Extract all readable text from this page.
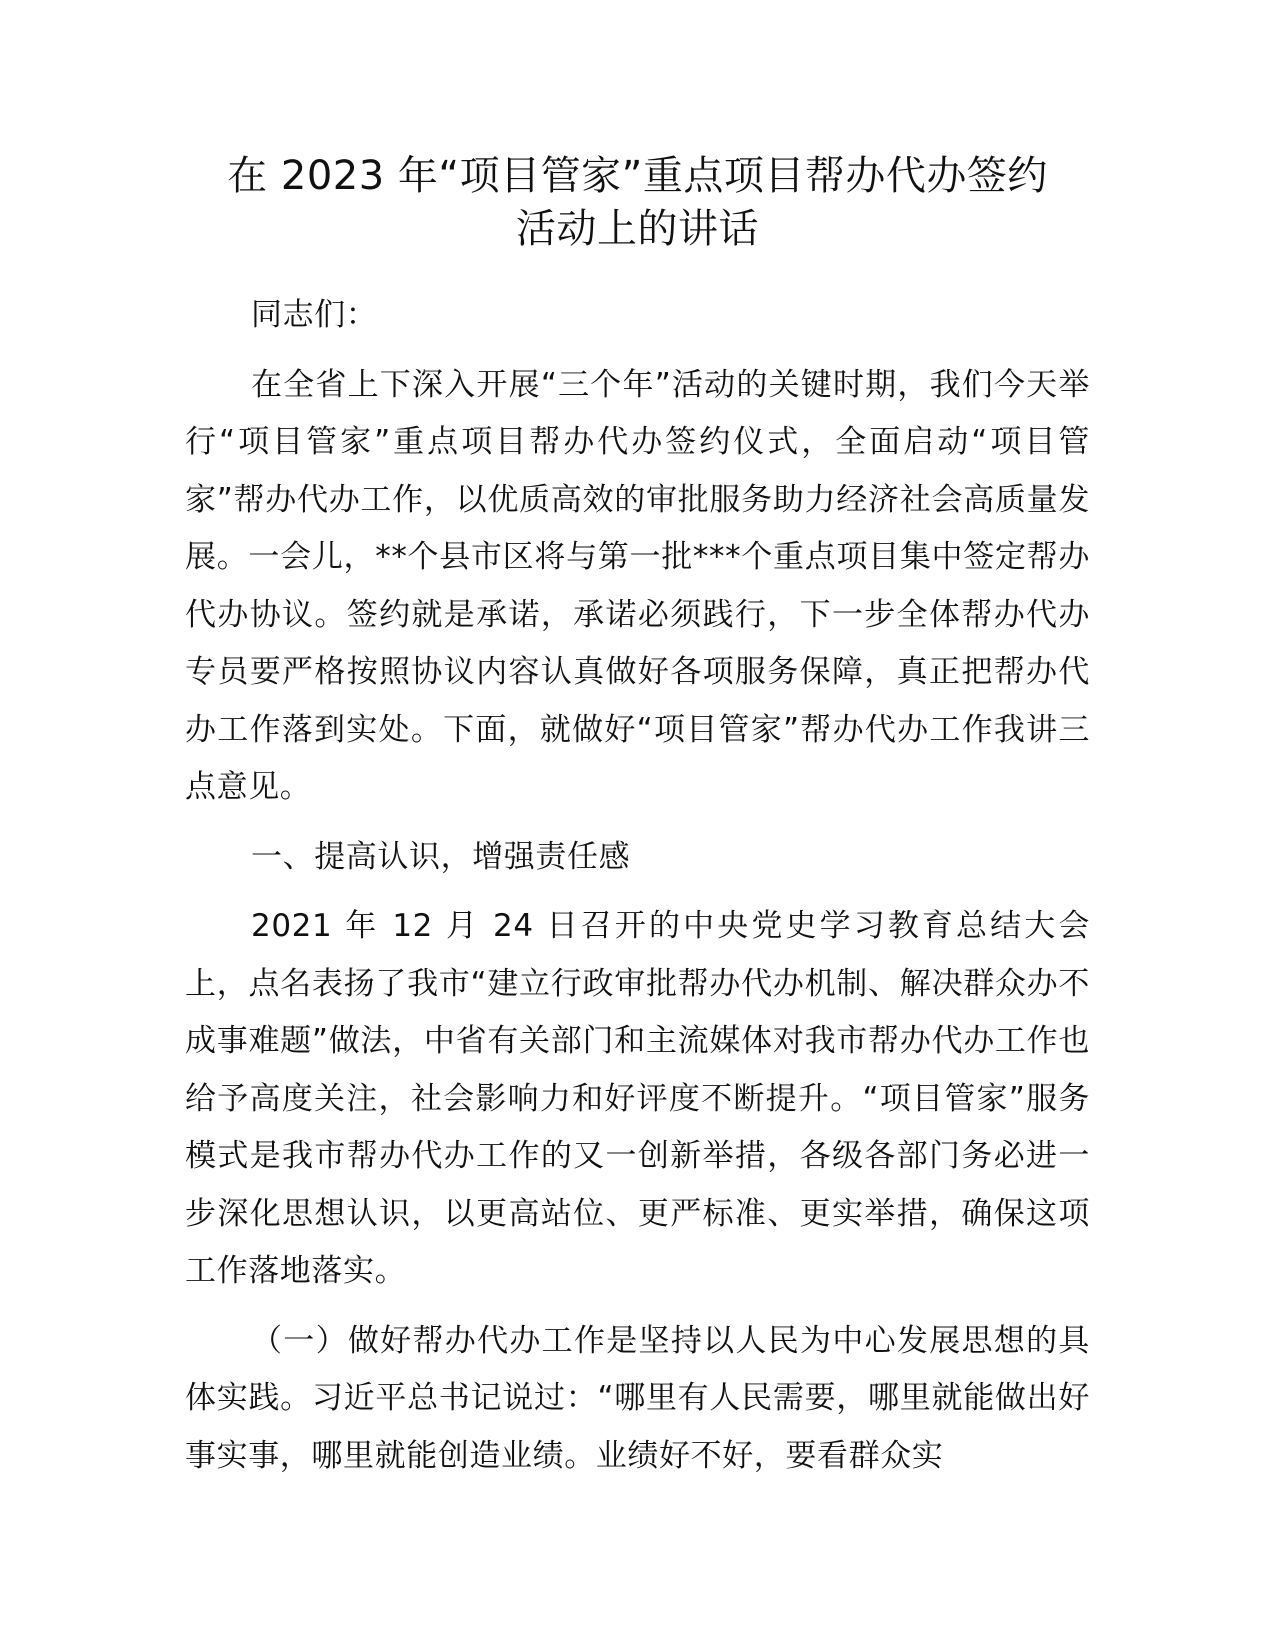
在 2023 年“项目管家”重点项目帮办代办签约
活动上的讲话

同志们：

在全省上下深入开展“三个年”活动的关键时期，我们今天举行“项目管家”重点项目帮办代办签约仪式，全面启动“项目管家”帮办代办工作，以优质高效的审批服务助力经济社会高质量发展。一会儿，**个县市区将与第一批***个重点项目集中签定帮办代办协议。签约就是承诺，承诺必须践行，下一步全体帮办代办专员要严格按照协议内容认真做好各项服务保障，真正把帮办代办工作落到实处。下面，就做好“项目管家”帮办代办工作我讲三点意见。

一、提高认识，增强责任感

2021 年 12 月 24 日召开的中央党史学习教育总结大会上，点名表扬了我市“建立行政审批帮办代办机制、解决群众办不成事难题”做法，中省有关部门和主流媒体对我市帮办代办工作也给予高度关注，社会影响力和好评度不断提升。“项目管家”服务模式是我市帮办代办工作的又一创新举措，各级各部门务必进一步深化思想认识，以更高站位、更严标准、更实举措，确保这项工作落地落实。

（一）做好帮办代办工作是坚持以人民为中心发展思想的具体实践。习近平总书记说过：“哪里有人民需要，哪里就能做出好事实事，哪里就能创造业绩。业绩好不好，要看群众实
